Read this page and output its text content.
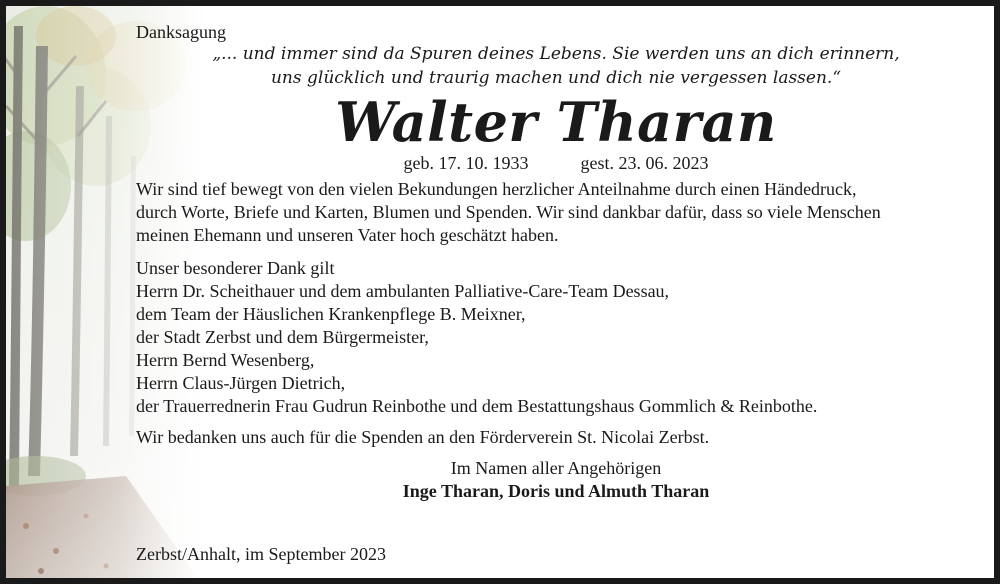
Danksagung
„... und immer sind da Spuren deines Lebens. Sie werden uns an dich erinnern,
uns glücklich und traurig machen und dich nie vergessen lassen.“
Walter Tharan
geb. 17. 10. 1933	gest. 23. 06. 2023

Wir sind tief bewegt von den vielen Bekundungen herzlicher Anteilnahme durch einen Händedruck,

durch Worte, Briefe und Karten, Blumen und Spenden. Wir sind dankbar dafür, dass so viele Menschen

meinen Ehemann und unseren Vater hoch geschätzt haben.

Unser besonderer Dank gilt

Herrn Dr. Scheithauer und dem ambulanten Palliative-Care-Team Dessau,

dem Team der Häuslichen Krankenpflege B. Meixner,

der Stadt Zerbst und dem Bürgermeister,

Herrn Bernd Wesenberg,

Herrn Claus-Jürgen Dietrich,

der Trauerrednerin Frau Gudrun Reinbothe und dem Bestattungshaus Gommlich & Reinbothe.

Wir bedanken uns auch für die Spenden an den Förderverein St. Nicolai Zerbst.

Im Namen aller Angehörigen
Inge Tharan, Doris und Almuth Tharan
Zerbst/Anhalt, im September 2023
